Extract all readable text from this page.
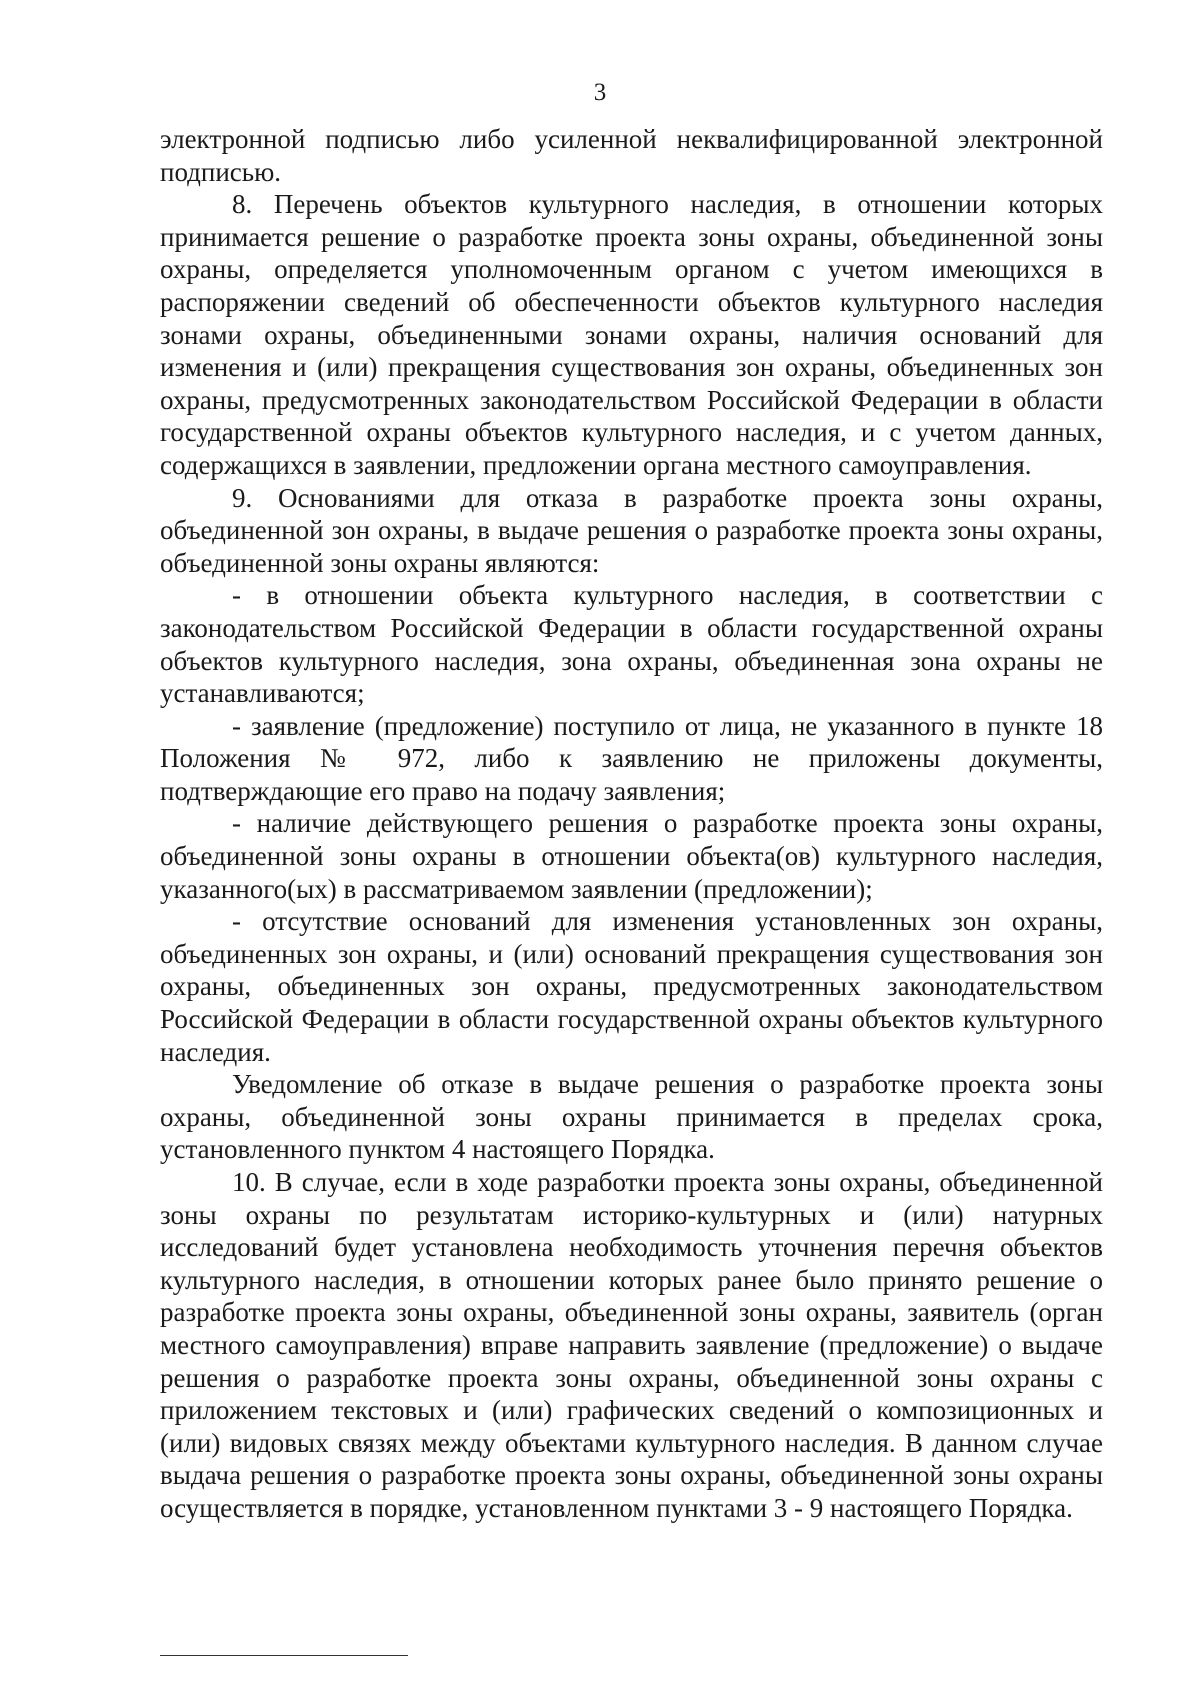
3

электронной подписью либо усиленной неквалифицированной электронной подписью.

8. Перечень объектов культурного наследия, в отношении которых принимается решение о разработке проекта зоны охраны, объединенной зоны охраны, определяется уполномоченным органом с учетом имеющихся в распоряжении сведений об обеспеченности объектов культурного наследия зонами охраны, объединенными зонами охраны, наличия оснований для изменения и (или) прекращения существования зон охраны, объединенных зон охраны, предусмотренных законодательством Российской Федерации в области государственной охраны объектов культурного наследия, и с учетом данных, содержащихся в заявлении, предложении органа местного самоуправления.

9. Основаниями для отказа в разработке проекта зоны охраны, объединенной зон охраны, в выдаче решения о разработке проекта зоны охраны, объединенной зоны охраны являются:

- в отношении объекта культурного наследия, в соответствии с законодательством Российской Федерации в области государственной охраны объектов культурного наследия, зона охраны, объединенная зона охраны не устанавливаются;

- заявление (предложение) поступило от лица, не указанного в пункте 18 Положения № 972, либо к заявлению не приложены документы, подтверждающие его право на подачу заявления;

- наличие действующего решения о разработке проекта зоны охраны, объединенной зоны охраны в отношении объекта(ов) культурного наследия, указанного(ых) в рассматриваемом заявлении (предложении);

- отсутствие оснований для изменения установленных зон охраны, объединенных зон охраны, и (или) оснований прекращения существования зон охраны, объединенных зон охраны, предусмотренных законодательством Российской Федерации в области государственной охраны объектов культурного наследия.

Уведомление об отказе в выдаче решения о разработке проекта зоны охраны, объединенной зоны охраны принимается в пределах срока, установленного пунктом 4 настоящего Порядка.

10. В случае, если в ходе разработки проекта зоны охраны, объединенной зоны охраны по результатам историко-культурных и (или) натурных исследований будет установлена необходимость уточнения перечня объектов культурного наследия, в отношении которых ранее было принято решение о разработке проекта зоны охраны, объединенной зоны охраны, заявитель (орган местного самоуправления) вправе направить заявление (предложение) о выдаче решения о разработке проекта зоны охраны, объединенной зоны охраны с приложением текстовых и (или) графических сведений о композиционных и (или) видовых связях между объектами культурного наследия. В данном случае выдача решения о разработке проекта зоны охраны, объединенной зоны охраны осуществляется в порядке, установленном пунктами 3 - 9 настоящего Порядка.
